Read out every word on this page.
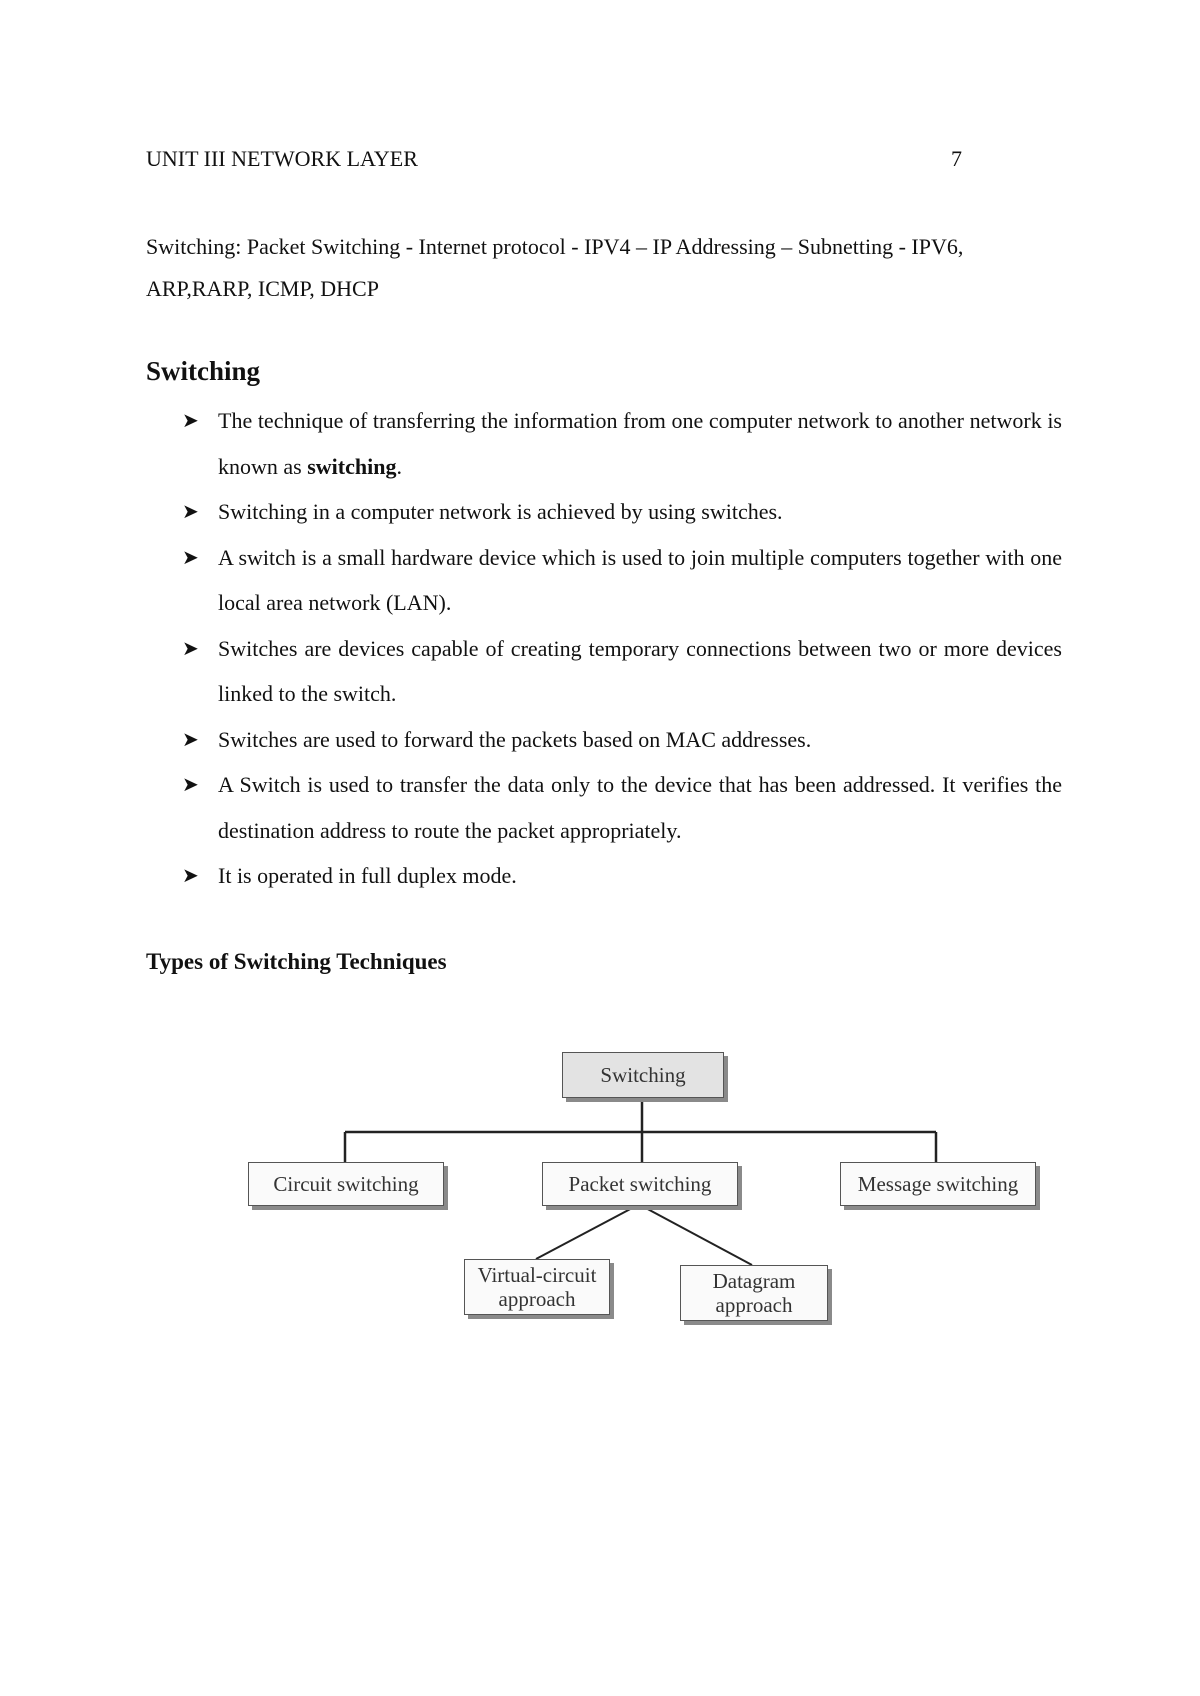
UNIT III NETWORK LAYER	7
Switching: Packet Switching - Internet protocol - IPV4 – IP Addressing – Subnetting - IPV6, ARP,RARP, ICMP, DHCP
Switching
➤ The technique of transferring the information from one computer network to another network is known as switching.
➤ Switching in a computer network is achieved by using switches.
➤ A switch is a small hardware device which is used to join multiple computers together with one local area network (LAN).
➤ Switches are devices capable of creating temporary connections between two or more devices linked to the switch.
➤ Switches are used to forward the packets based on MAC addresses.
➤ A Switch is used to transfer the data only to the device that has been addressed. It verifies the destination address to route the packet appropriately.
➤ It is operated in full duplex mode.
Types of Switching Techniques
Switching
Circuit switching	Packet switching	Message switching
Virtual-circuit approach
Datagram approach
